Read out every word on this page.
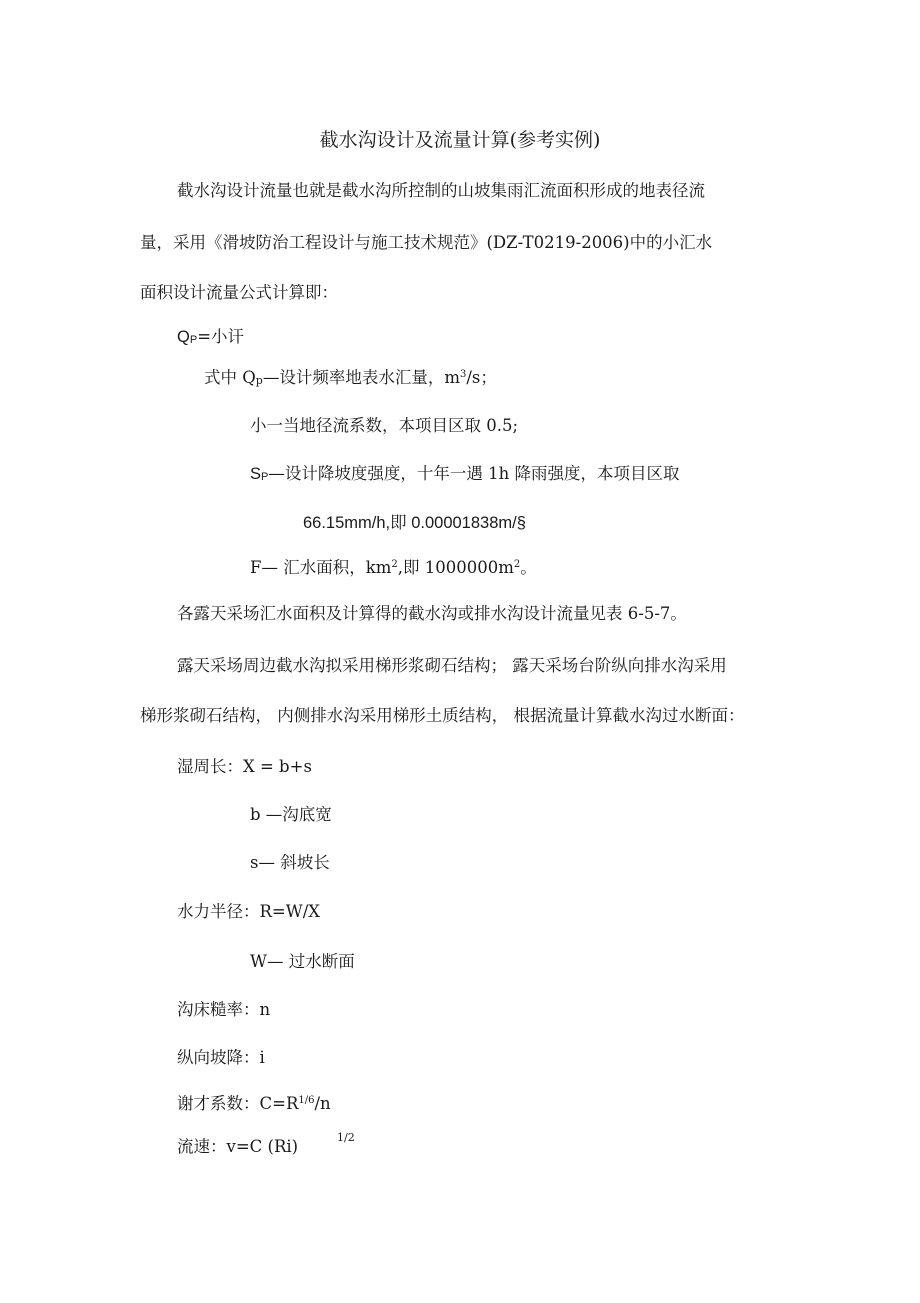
截水沟设计及流量计算(参考实例)
截水沟设计流量也就是截水沟所控制的山坡集雨汇流面积形成的地表径流
量，采用《滑坡防治工程设计与施工技术规范》(DZ-T0219-2006)中的小汇水
面积设计流量公式计算即：
QP=小讦
式中 Qp—设计频率地表水汇量，$m^3/s$；
小一当地径流系数，本项目区取 0.5;
SP—设计降坡度强度，十年一遇 1h 降雨强度，本项目区取
66.15mm/h,即 0.00001838m/§
F— 汇水面积，$km^2$,即 $1000000m^2$。
各露天采场汇水面积及计算得的截水沟或排水沟设计流量见表 6-5-7。
露天采场周边截水沟拟采用梯形浆砌石结构； 露天采场台阶纵向排水沟采用
梯形浆砌石结构， 内侧排水沟采用梯形土质结构， 根据流量计算截水沟过水断面：
湿周长：X = b+s
b —沟底宽
s— 斜坡长
水力半径：R=W/X
W— 过水断面
沟床糙率：n
纵向坡降：i
谢才系数：$C=R^{1/6}/n$
流速：v=C (Ri)	1/2
